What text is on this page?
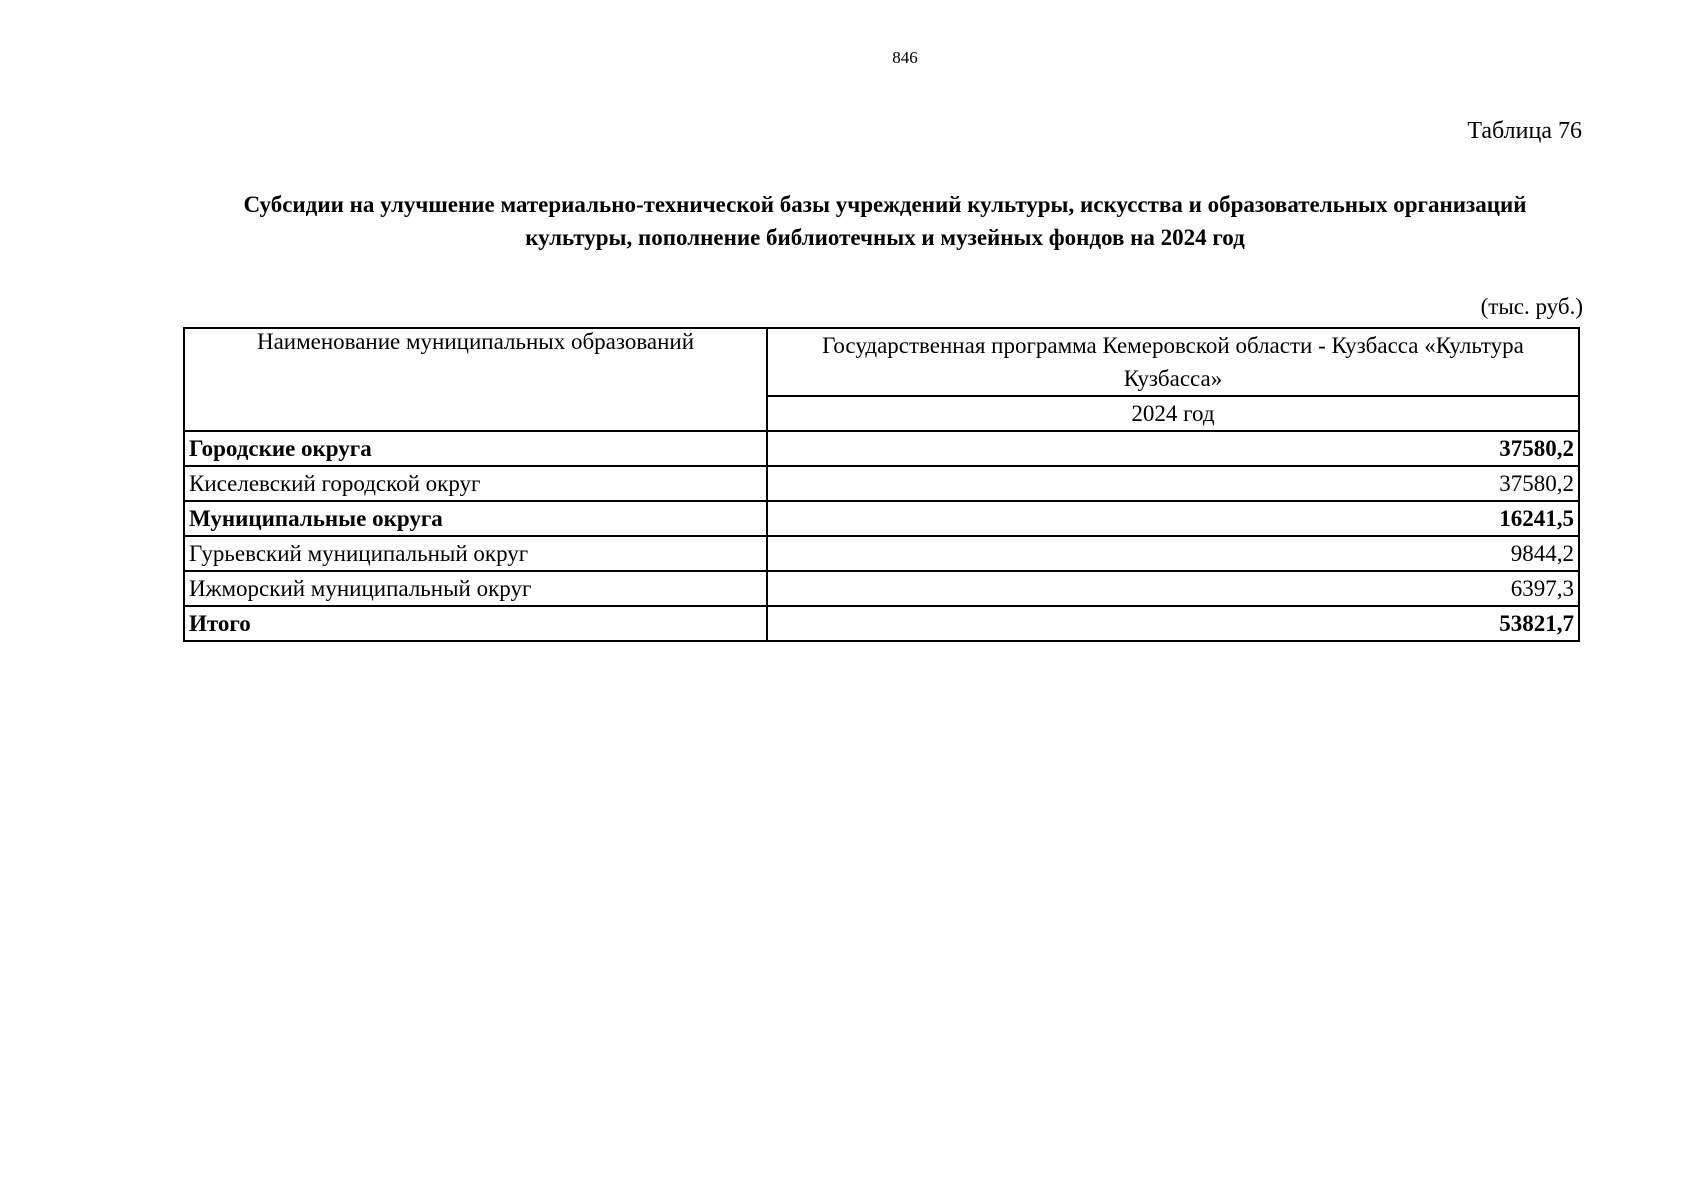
846
Таблица 76
Субсидии на улучшение материально-технической базы учреждений культуры, искусства и образовательных организаций культуры, пополнение библиотечных и музейных фондов на 2024 год
(тыс. руб.)
Наименование муниципальных образований	Государственная программа Кемеровской области - Кузбасса «Культура Кузбасса»
	2024 год
Городские округа	37580,2
Киселевский городской округ	37580,2
Муниципальные округа	16241,5
Гурьевский муниципальный округ	9844,2
Ижморский муниципальный округ	6397,3
Итого	53821,7
